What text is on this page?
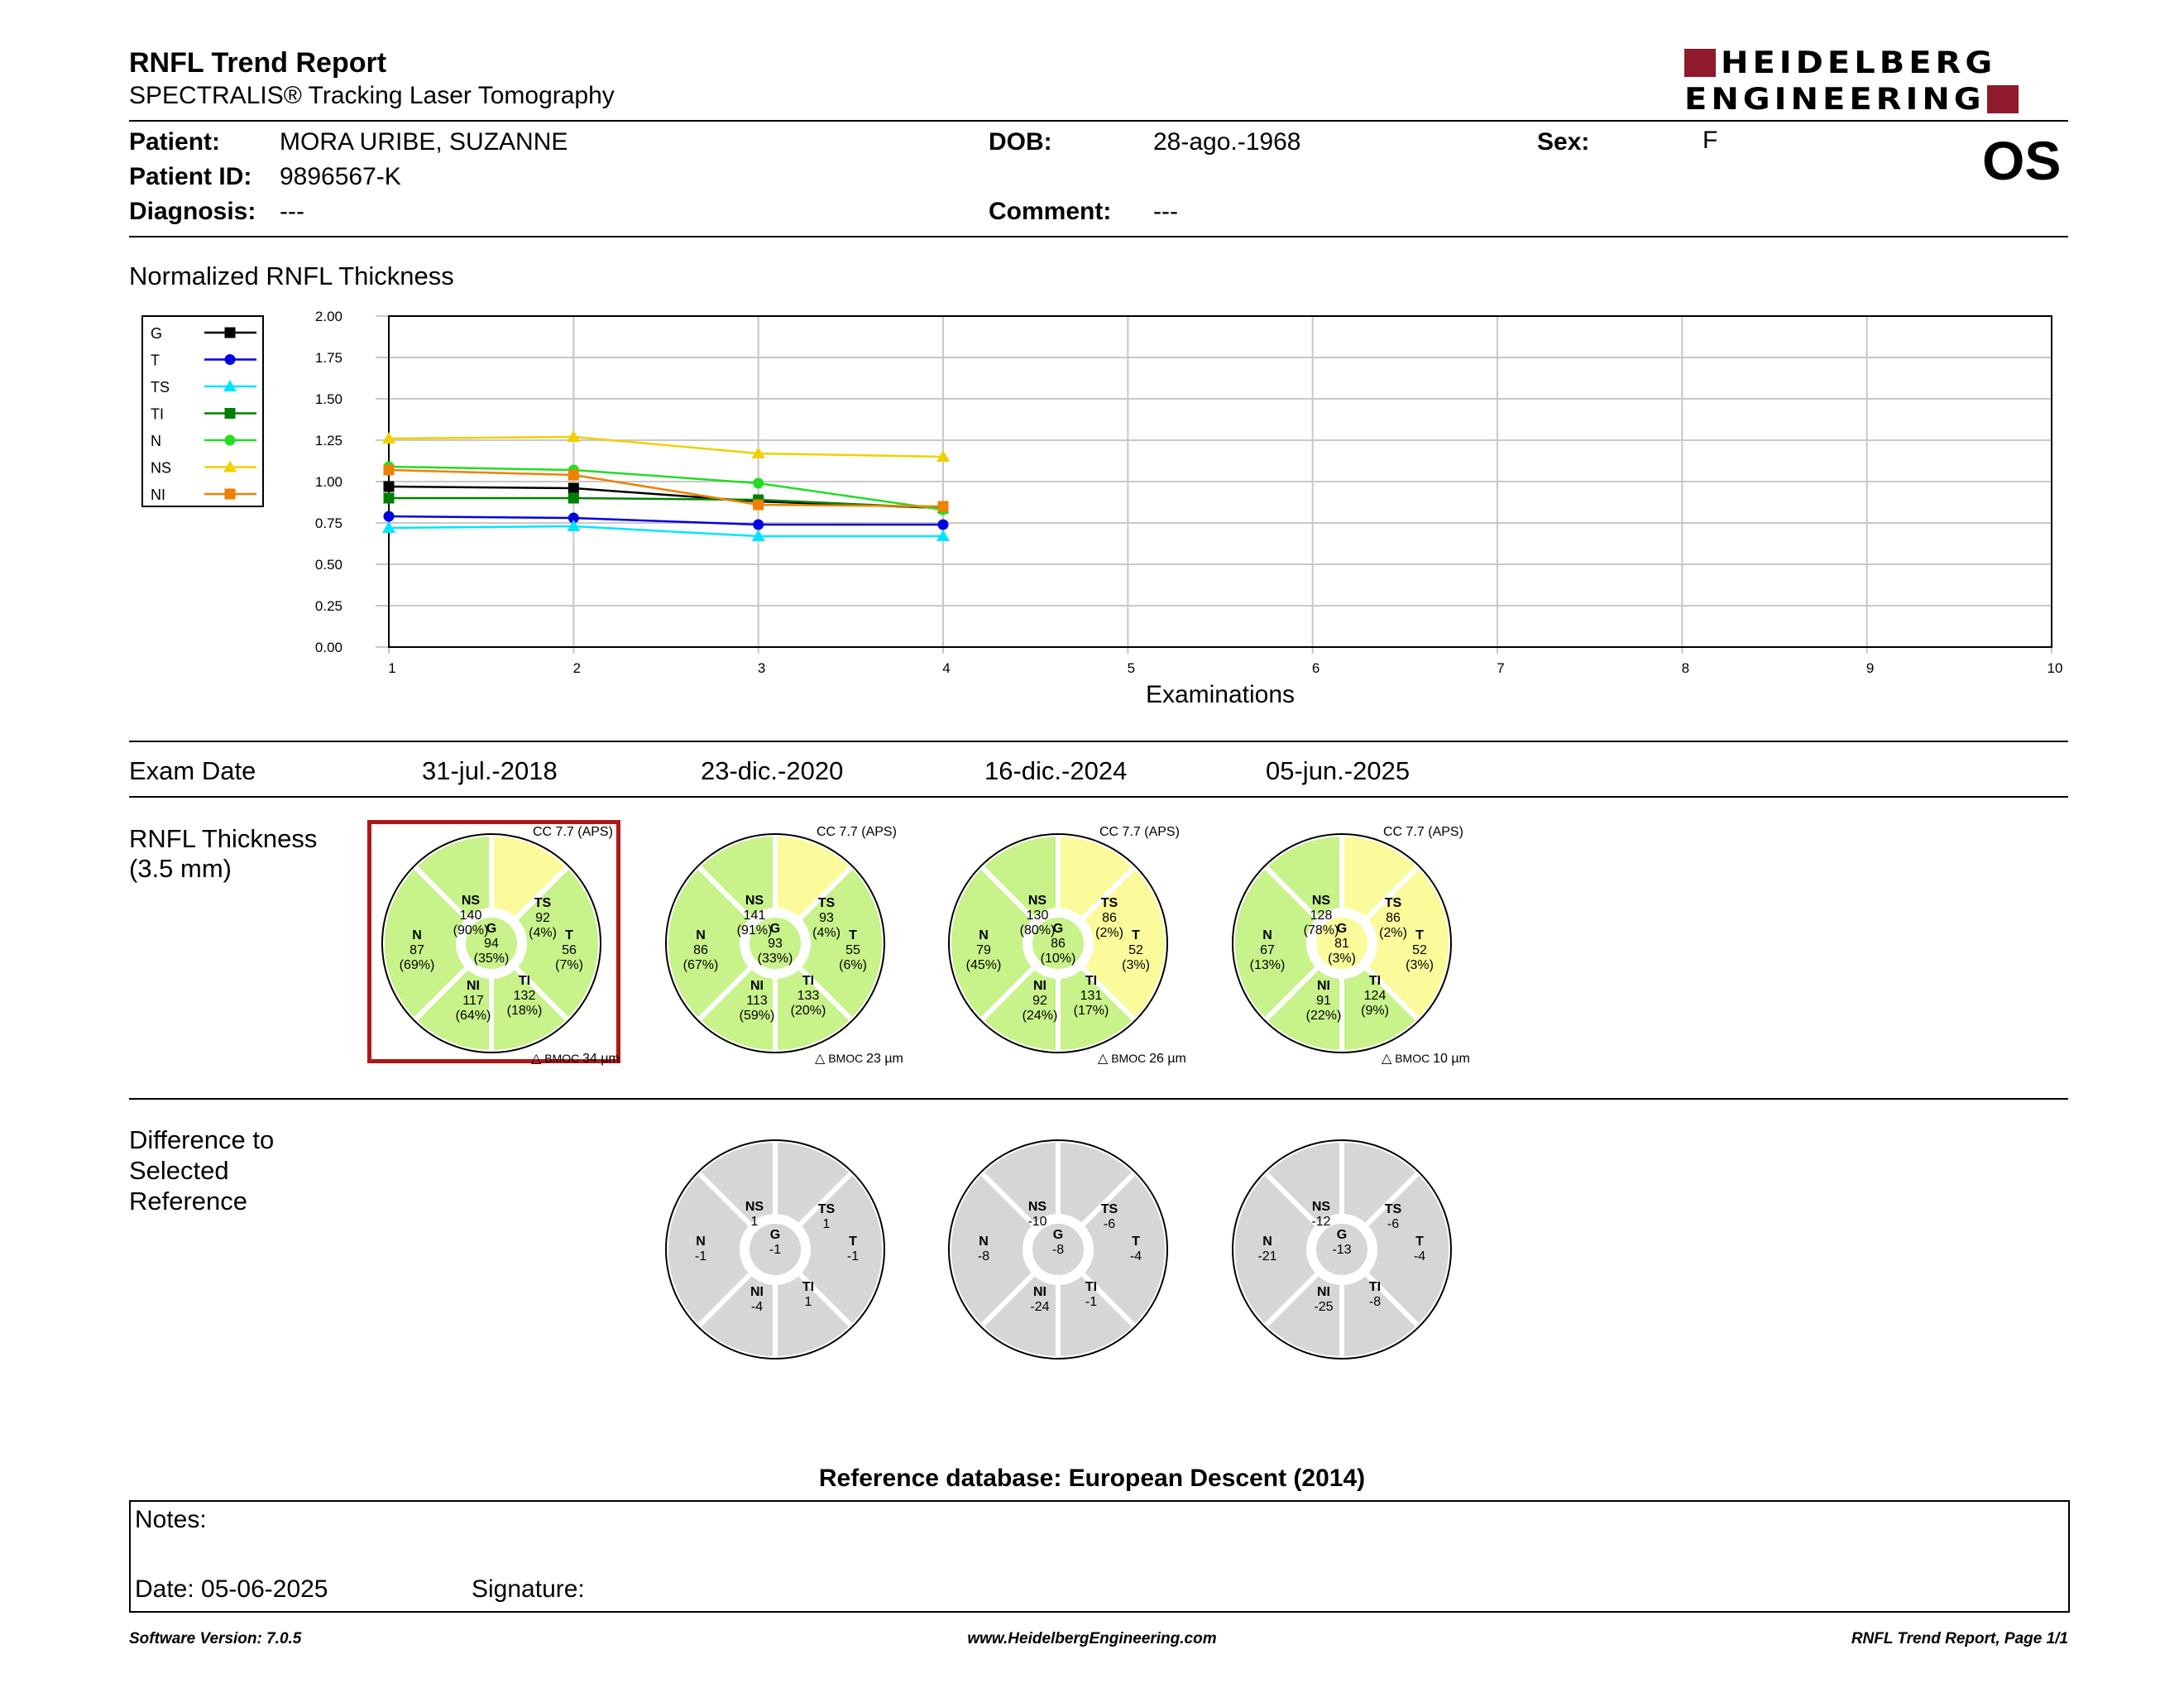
RNFL Trend Report
SPECTRALIS® Tracking Laser Tomography
HEIDELBERG
ENGINEERING
Patient: MORA URIBE, SUZANNE
Patient ID: 9896567-K
Diagnosis: ---
DOB:	28-ago.-1968
Comment: ---
Sex:	F	OS
Normalized RNFL Thickness
0.00
0.25
0.50
0.75
1.00
1.25
1.50
1.75
2.00
1	2	3	4	5	6	7	8	9	10
Examinations
G
T
TS
TI
N
NS
NI
Exam Date	31-jul.-2018	23-dic.-2020	16-dic.-2024	05-jun.-2025
RNFL Thickness
(3.5 mm)
TS
92
(4%)
NS
140
(90%)
N
87
(69%)
NI
117
(64%)
TI
132
(18%)
T
56
(7%)
G
94
(35%)
CC 7.7 (APS)
△ BMOC 34 µm
TS
93
(4%)
NS
141
(91%)
N
86
(67%)
NI
113
(59%)
TI
133
(20%)
T
55
(6%)
G
93
(33%)
CC 7.7 (APS)
△ BMOC 23 µm
TS
86
(2%)
NS
130
(80%)
N
79
(45%)
NI
92
(24%)
TI
131
(17%)
T
52
(3%)
G
86
(10%)
CC 7.7 (APS)
△ BMOC 26 µm
TS
86
(2%)
NS
128
(78%)
N
67
(13%)
NI
91
(22%)
TI
124
(9%)
T
52
(3%)
G
81
(3%)
CC 7.7 (APS)
△ BMOC 10 µm
Difference to
Selected
Reference	TS
1
NS
1
N
-1
NI
-4
TI
1
T
-1
G
-1
TS
-6
NS
-10
N
-8
NI
-24
TI
-1
T
-4
G
-8
TS
-6
NS
-12
N
-21
NI
-25
TI
-8
T
-4
G
-13
Reference database: European Descent (2014)
Notes:
Date: 05-06-2025	Signature:
Software Version: 7.0.5	www.HeidelbergEngineering.com	RNFL Trend Report, Page 1/1
